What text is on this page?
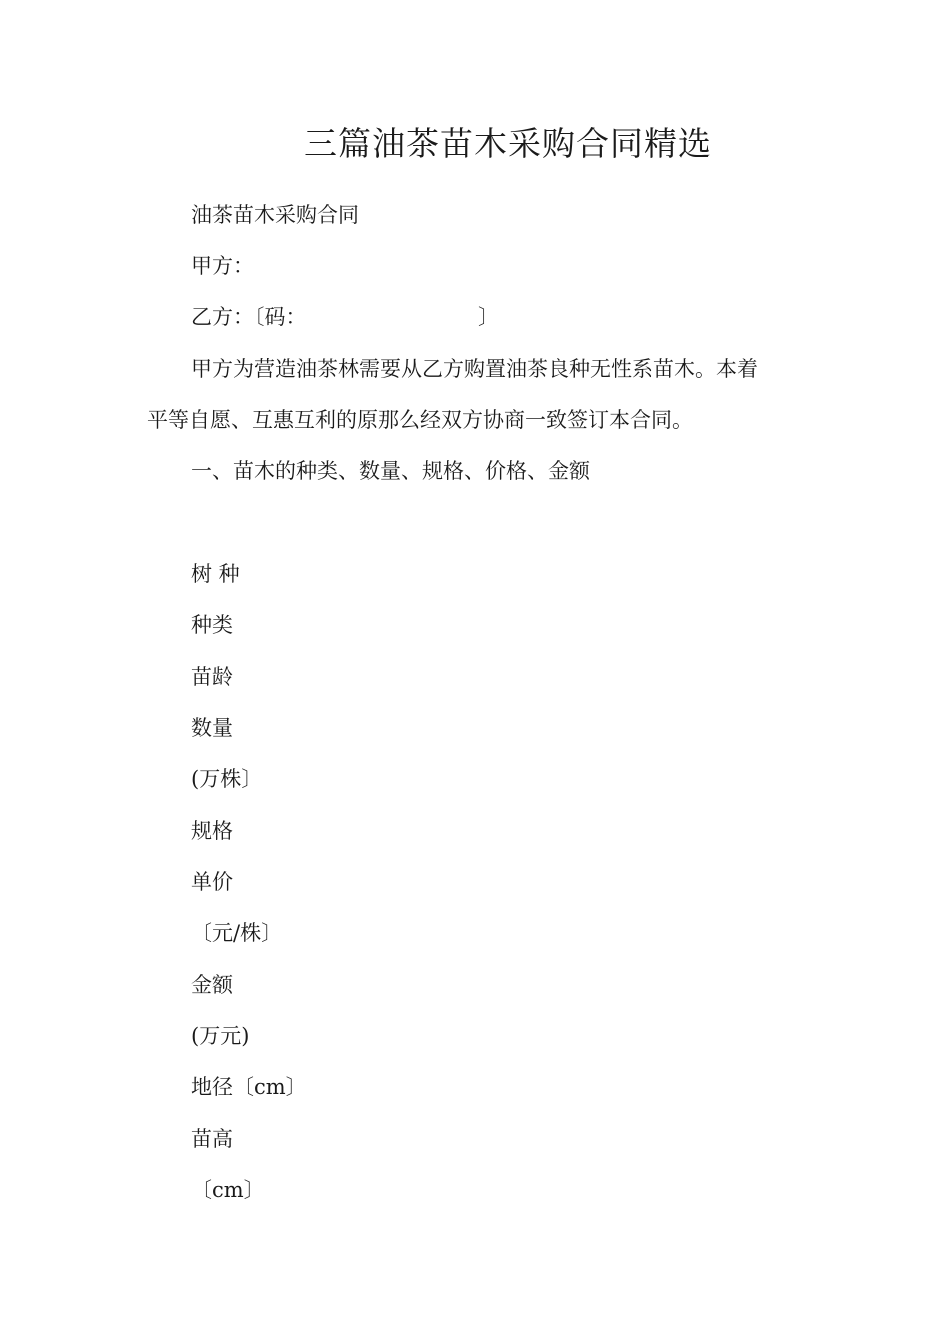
三篇油茶苗木采购合同精选
油茶苗木采购合同
甲方：
乙方：〔码：	〕
甲方为营造油茶林需要从乙方购置油茶良种无性系苗木。本着
平等自愿、互惠互利的原那么经双方协商一致签订本合同。
一、苗木的种类、数量、规格、价格、金额
树 种
种类
苗龄
数量
(万株〕
规格
单价
〔元/株〕
金额
(万元)
地径〔cm〕
苗高
〔cm〕
